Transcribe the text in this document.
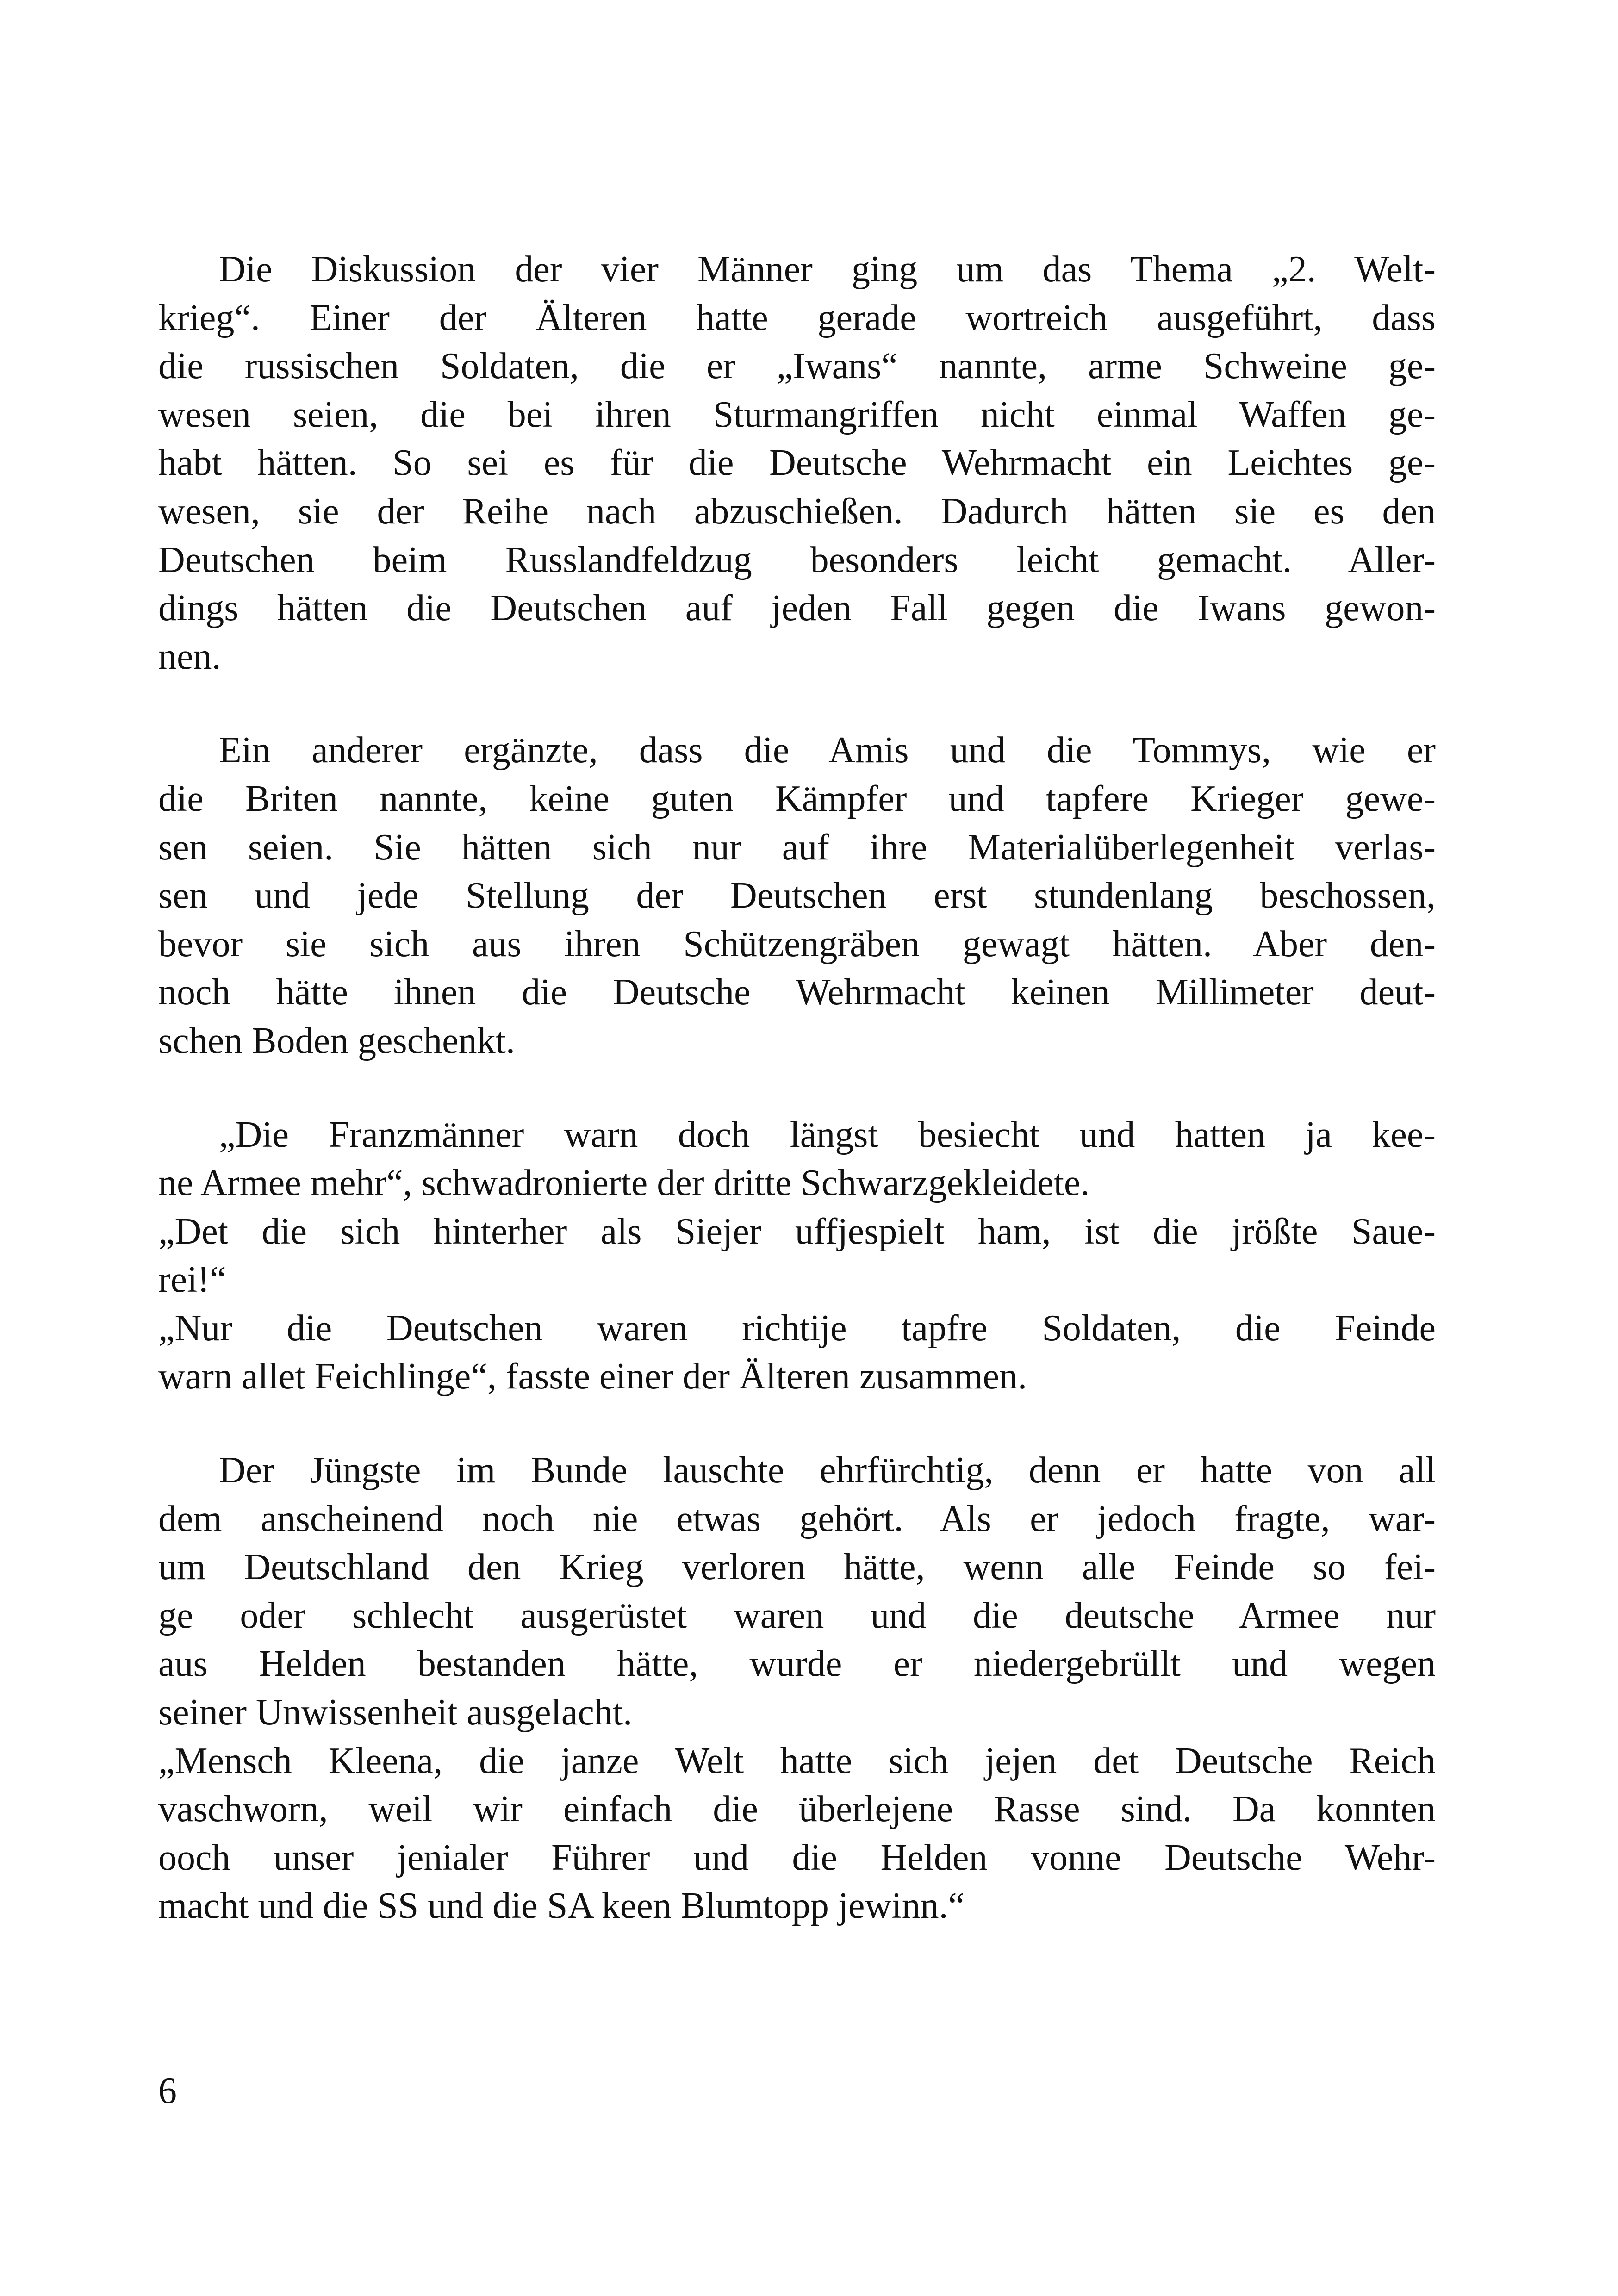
Die Diskussion der vier Männer ging um das Thema „2. Welt-
krieg“. Einer der Älteren hatte gerade wortreich ausgeführt, dass
die russischen Soldaten, die er „Iwans“ nannte, arme Schweine ge-
wesen seien, die bei ihren Sturmangriffen nicht einmal Waffen ge-
habt hätten. So sei es für die Deutsche Wehrmacht ein Leichtes ge-
wesen, sie der Reihe nach abzuschießen. Dadurch hätten sie es den
Deutschen beim Russlandfeldzug besonders leicht gemacht. Aller-
dings hätten die Deutschen auf jeden Fall gegen die Iwans gewon-
nen.
Ein anderer ergänzte, dass die Amis und die Tommys, wie er
die Briten nannte, keine guten Kämpfer und tapfere Krieger gewe-
sen seien. Sie hätten sich nur auf ihre Materialüberlegenheit verlas-
sen und jede Stellung der Deutschen erst stundenlang beschossen,
bevor sie sich aus ihren Schützengräben gewagt hätten. Aber den-
noch hätte ihnen die Deutsche Wehrmacht keinen Millimeter deut-
schen Boden geschenkt.
„Die Franzmänner warn doch längst besiecht und hatten ja kee-
ne Armee mehr“, schwadronierte der dritte Schwarzgekleidete.
„Det die sich hinterher als Siejer uffjespielt ham, ist die jrößte Saue-
rei!“
„Nur die Deutschen waren richtije tapfre Soldaten, die Feinde
warn allet Feichlinge“, fasste einer der Älteren zusammen.
Der Jüngste im Bunde lauschte ehrfürchtig, denn er hatte von all
dem anscheinend noch nie etwas gehört. Als er jedoch fragte, war-
um Deutschland den Krieg verloren hätte, wenn alle Feinde so fei-
ge oder schlecht ausgerüstet waren und die deutsche Armee nur
aus Helden bestanden hätte, wurde er niedergebrüllt und wegen
seiner Unwissenheit ausgelacht.
„Mensch Kleena, die janze Welt hatte sich jejen det Deutsche Reich
vaschworn, weil wir einfach die überlejene Rasse sind. Da konnten
ooch unser jenialer Führer und die Helden vonne Deutsche Wehr-
macht und die SS und die SA keen Blumtopp jewinn.“
6
